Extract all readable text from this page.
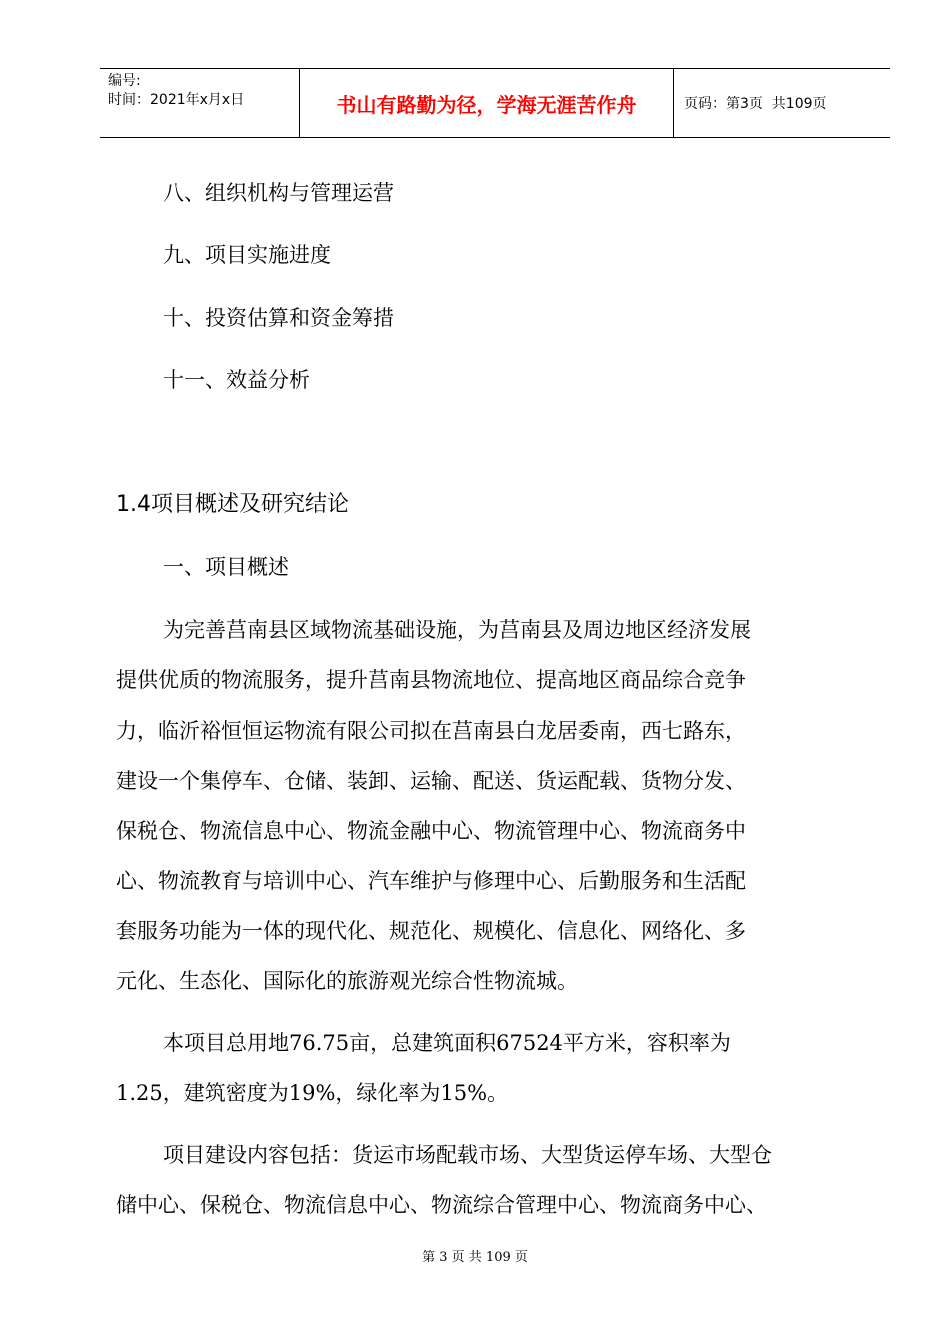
编号:
时间：2021年x月x日	书山有路勤为径，学海无涯苦作舟	页码：第3页  共109页
八、组织机构与管理运营
九、项目实施进度
十、投资估算和资金筹措
十一、效益分析
1.4项目概述及研究结论
一、项目概述
为完善莒南县区域物流基础设施，为莒南县及周边地区经济发展
提供优质的物流服务，提升莒南县物流地位、提高地区商品综合竞争
力，临沂裕恒恒运物流有限公司拟在莒南县白龙居委南，西七路东，
建设一个集停车、仓储、装卸、运输、配送、货运配载、货物分发、
保税仓、物流信息中心、物流金融中心、物流管理中心、物流商务中
心、物流教育与培训中心、汽车维护与修理中心、后勤服务和生活配
套服务功能为一体的现代化、规范化、规模化、信息化、网络化、多
元化、生态化、国际化的旅游观光综合性物流城。
本项目总用地76.75亩，总建筑面积67524平方米，容积率为
1.25，建筑密度为19%，绿化率为15%。
项目建设内容包括：货运市场配载市场、大型货运停车场、大型仓
储中心、保税仓、物流信息中心、物流综合管理中心、物流商务中心、
第 3 页 共 109 页
